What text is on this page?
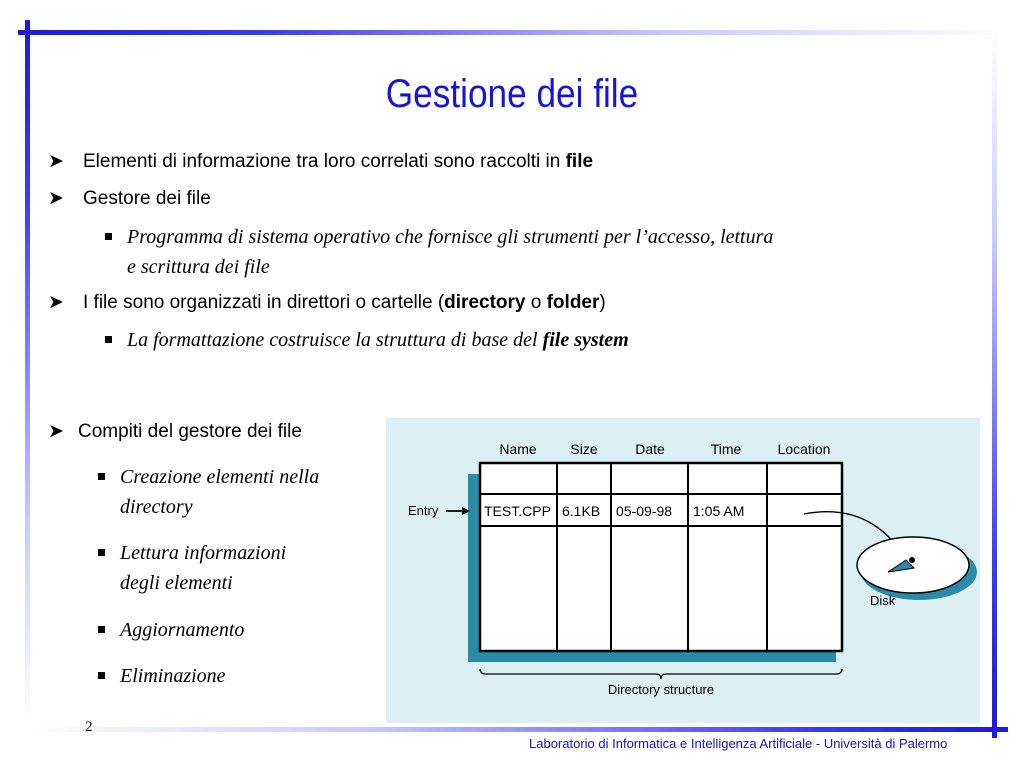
Gestione dei file
➤ Elementi di informazione tra loro correlati sono raccolti in file
➤ Gestore dei file
Programma di sistema operativo che fornisce gli strumenti per l’accesso, lettura
e scrittura dei file
➤ I file sono organizzati in direttori o cartelle (directory o folder)
La formattazione costruisce la struttura di base del file system
➤ Compiti del gestore dei file
Creazione elementi nella
directory
Lettura informazioni
degli elementi
Aggiornamento
Eliminazione
Name Size	Date	Time	Location
TEST.CPP 6.1KB 05-09-98 1:05 AM
Entry
Disk
Directory structure
2
Laboratorio di Informatica e Intelligenza Artificiale - Università di Palermo
